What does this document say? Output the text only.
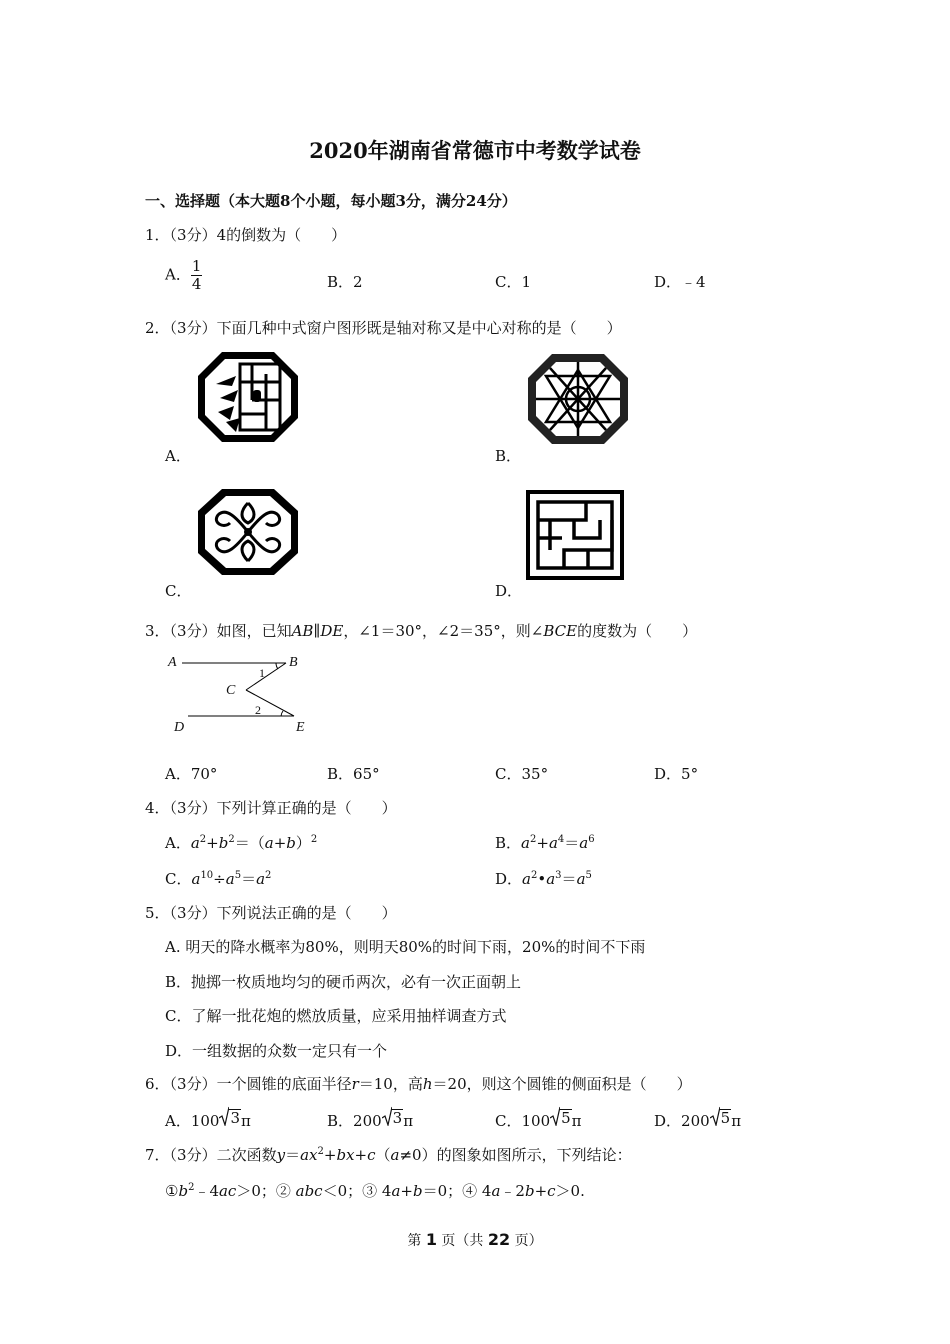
2020年湖南省常德市中考数学试卷
一、选择题（本大题8个小题，每小题3分，满分24分）
1．（3分）4的倒数为（　　）
A． $\frac{1}{4}$	B．2	C．1	D．﹣4
2．（3分）下面几种中式窗户图形既是轴对称又是中心对称的是（　　）
A．	B．
C．	D．
3．（3分）如图，已知AB∥DE，∠1＝30°，∠2＝35°，则∠BCE的度数为（　　）
A	B
C
D	E
1
2
A．70°	B．65°	C．35°	D．5°
4．（3分）下列计算正确的是（　　）
A．$a^2+b^2=(a+b)^2$	B．$a^2+a^4=a^6$
C．$a^{10}\div a^5=a^2$	D．$a^2•a^3=a^5$
5．（3分）下列说法正确的是（　　）
A. 明天的降水概率为80%，则明天80%的时间下雨，20%的时间不下雨
B．抛掷一枚质地均匀的硬币两次，必有一次正面朝上
C．了解一批花炮的燃放质量，应采用抽样调查方式
D．一组数据的众数一定只有一个
6．（3分）一个圆锥的底面半径r＝10，高h＝20，则这个圆锥的侧面积是（　　）
A．100 3 π	B．200 3 π	C．100 5 π	D．200 5 π
7．（3分）二次函数$y=ax^2+bx+c(a\ne 0)$的图象如图所示，下列结论：
$①b^2﹣4ac>0$；② abc＜0；③ 4a+b＝0；④ 4a﹣2b+c＞0.
第 1 页（共 22 页）
